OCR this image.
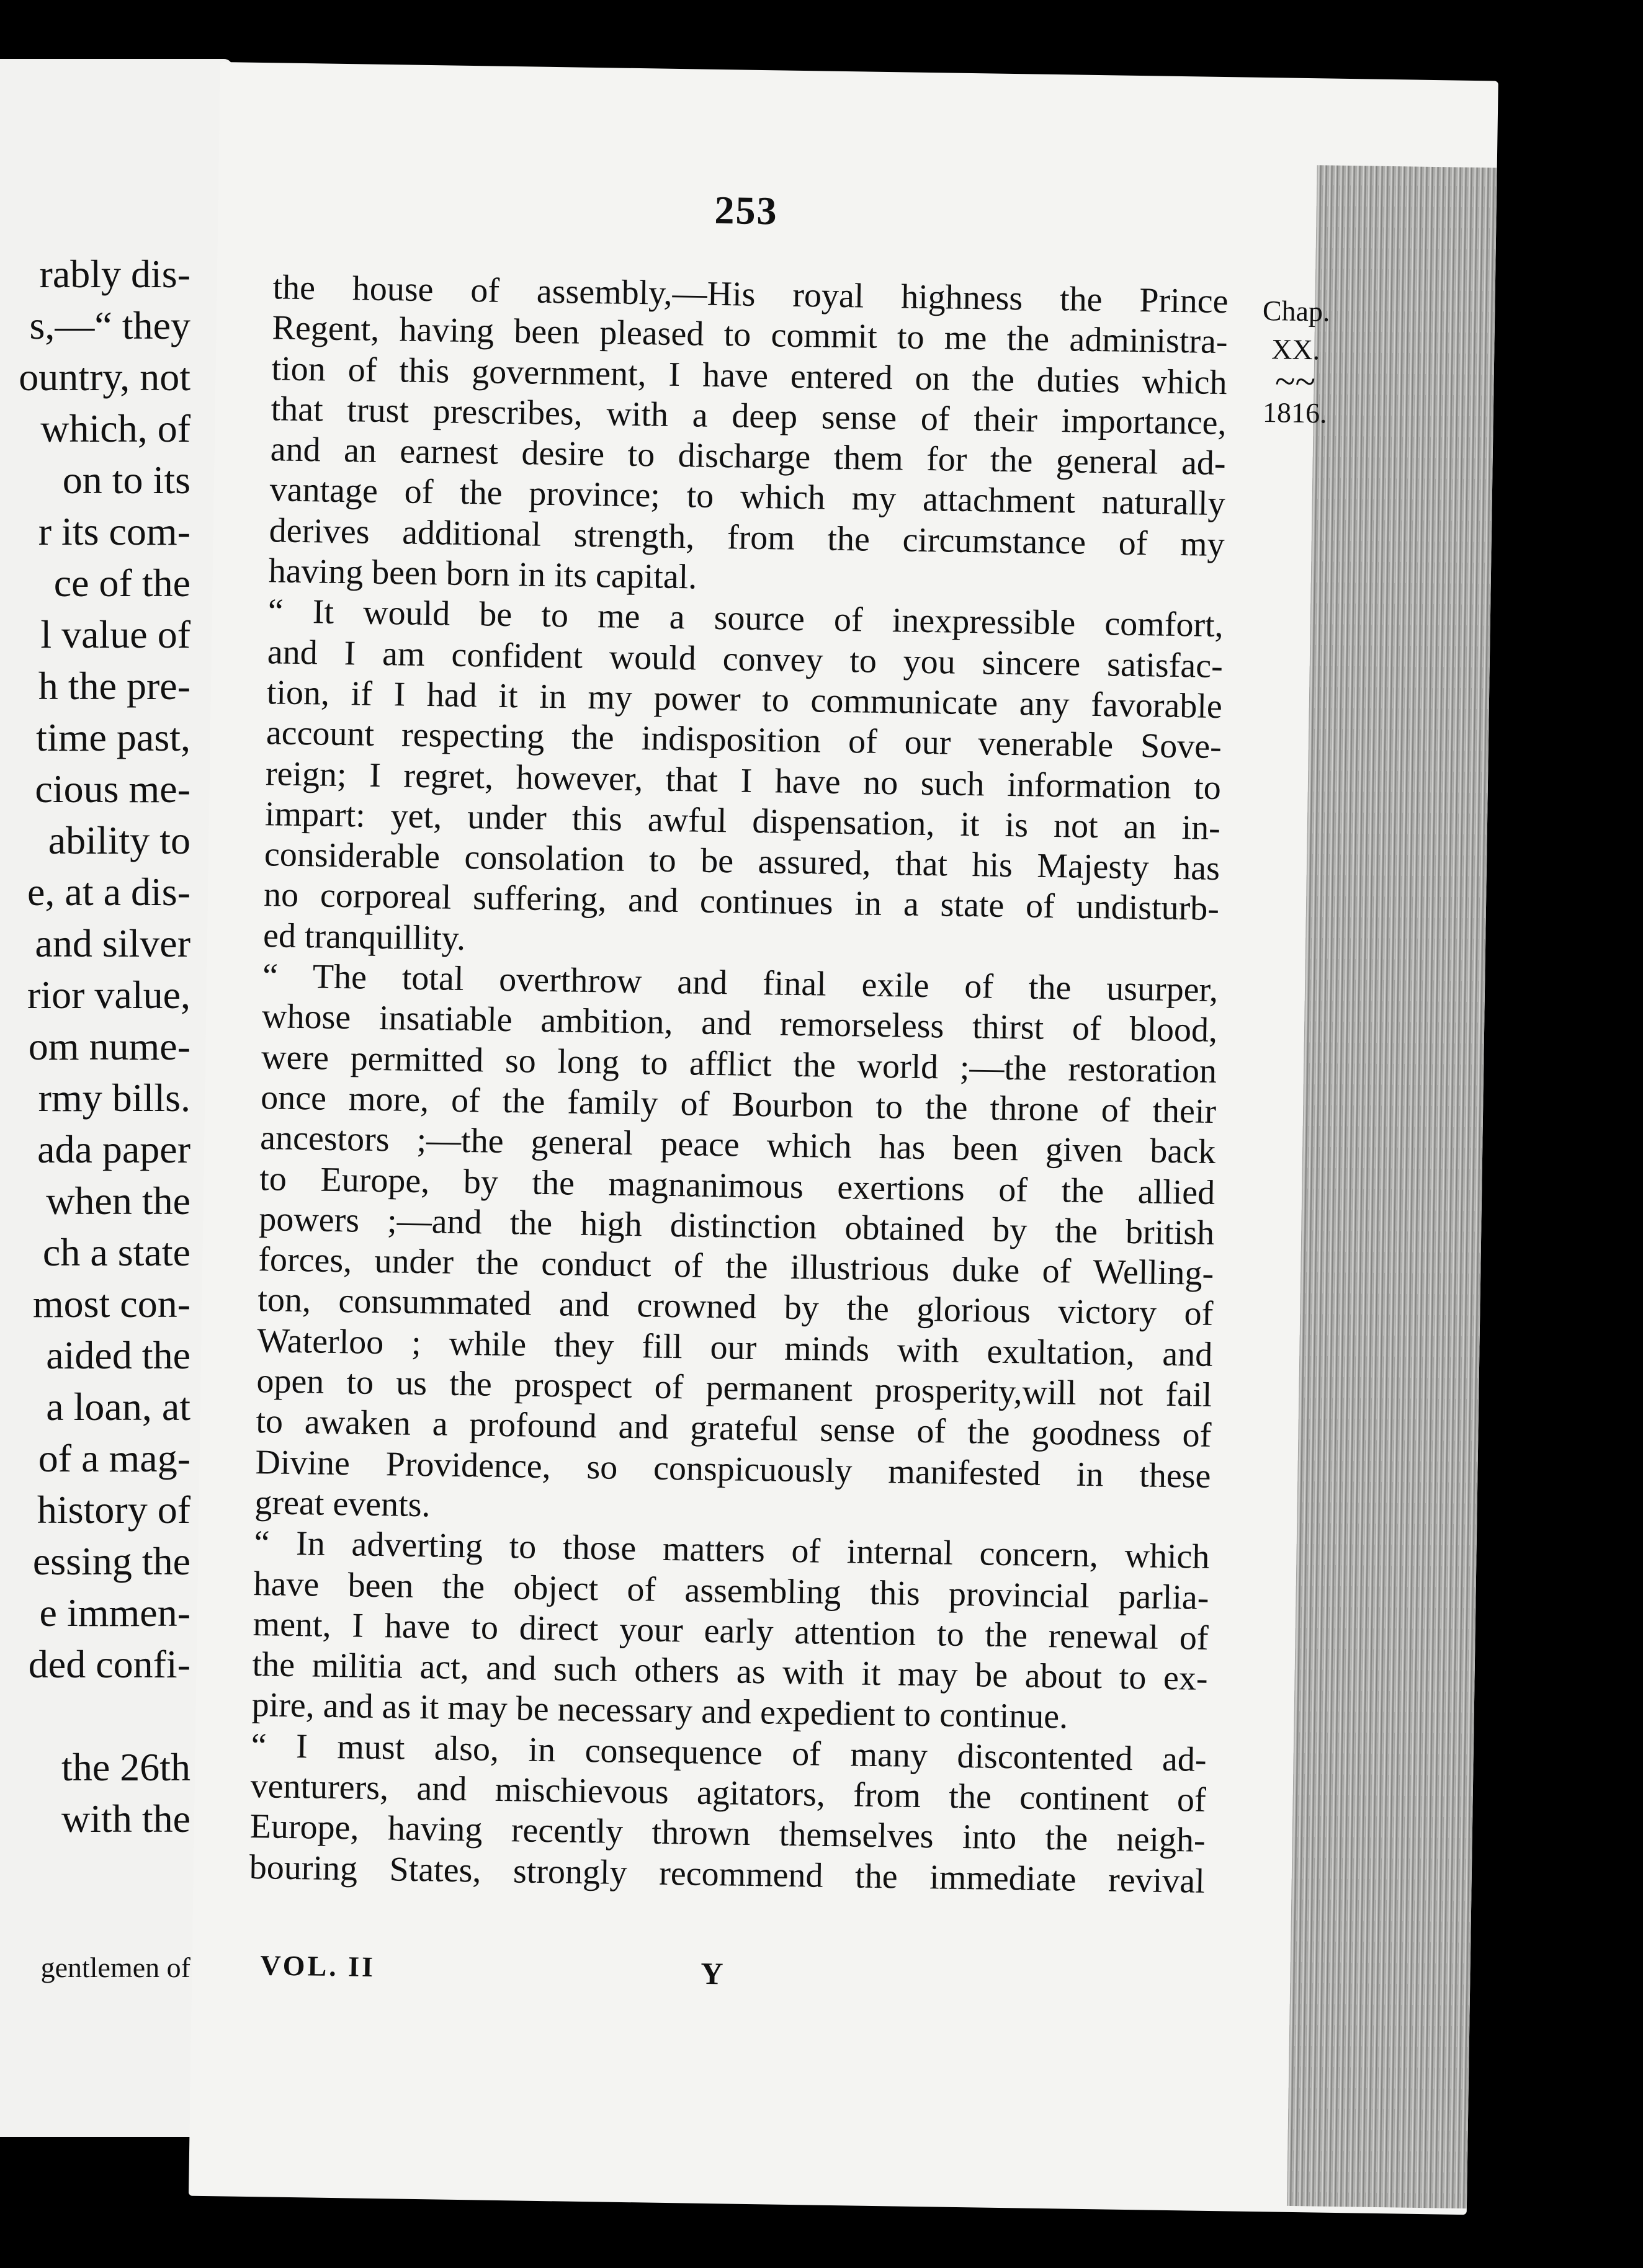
rably dis-
s,—“ they
ountry, not
which, of
on to its
r its com-
ce of the
l value of
h the pre-
time past,
cious me-
ability to
e, at a dis-
and silver
rior value,
om nume-
rmy bills.
ada paper
when the
ch a state
most con-
aided the
a loan, at
of a mag-
history of
essing the
e immen-
ded confi-
the 26th
with the
gentlemen of
253
Chap.
XX.
~~
1816.
the house of assembly,—His royal highness the Prince
Regent, having been pleased to commit to me the administra-
tion of this government, I have entered on the duties which
that trust prescribes, with a deep sense of their importance,
and an earnest desire to discharge them for the general ad-
vantage of the province; to which my attachment naturally
derives additional strength, from the circumstance of my
having been born in its capital.
“ It would be to me a source of inexpressible comfort,
and I am confident would convey to you sincere satisfac-
tion, if I had it in my power to communicate any favorable
account respecting the indisposition of our venerable Sove-
reign; I regret, however, that I have no such information to
impart: yet, under this awful dispensation, it is not an in-
considerable consolation to be assured, that his Majesty has
no corporeal suffering, and continues in a state of undisturb-
ed tranquillity.
“ The total overthrow and final exile of the usurper,
whose insatiable ambition, and remorseless thirst of blood,
were permitted so long to afflict the world ;—the restoration
once more, of the family of Bourbon to the throne of their
ancestors ;—the general peace which has been given back
to Europe, by the magnanimous exertions of the allied
powers ;—and the high distinction obtained by the british
forces, under the conduct of the illustrious duke of Welling-
ton, consummated and crowned by the glorious victory of
Waterloo ; while they fill our minds with exultation, and
open to us the prospect of permanent prosperity,will not fail
to awaken a profound and grateful sense of the goodness of
Divine Providence, so conspicuously manifested in these
great events.
“ In adverting to those matters of internal concern, which
have been the object of assembling this provincial parlia-
ment, I have to direct your early attention to the renewal of
the militia act, and such others as with it may be about to ex-
pire, and as it may be necessary and expedient to continue.
“ I must also, in consequence of many discontented ad-
venturers, and mischievous agitators, from the continent of
Europe, having recently thrown themselves into the neigh-
bouring States, strongly recommend the immediate revival
VOL. II	Y
